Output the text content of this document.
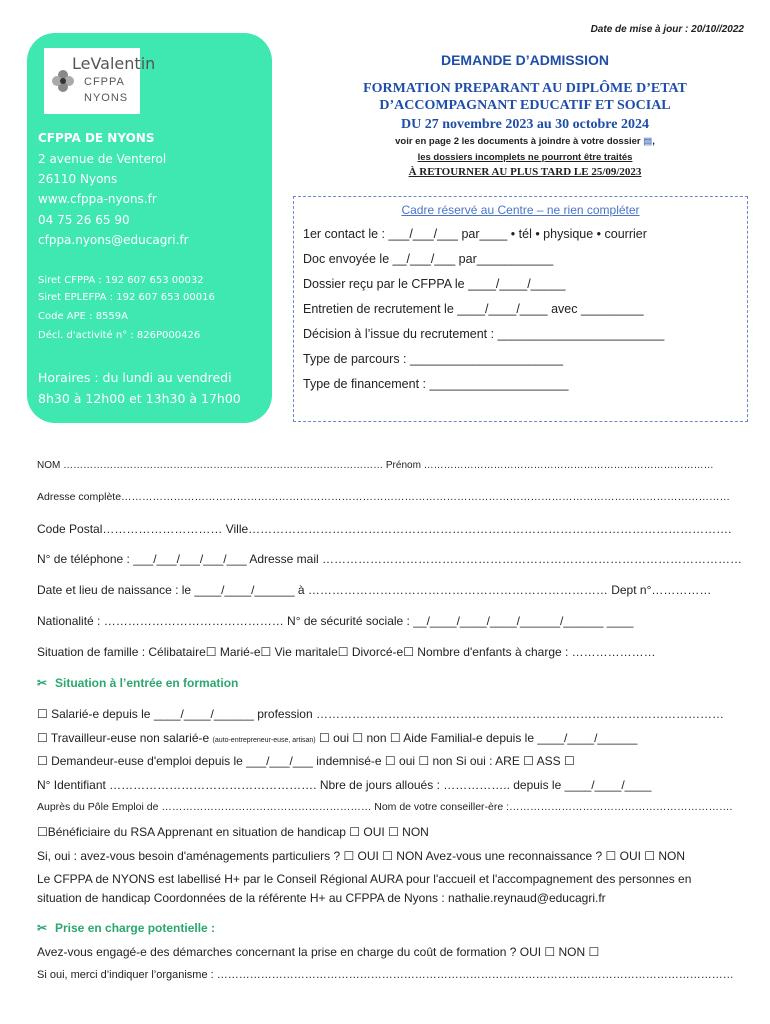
Date de mise à jour : 20/10//2022
LeValentin
CFPPA
NYONS
CFPPA DE NYONS
2 avenue de Venterol
26110 Nyons
www.cfppa-nyons.fr
04 75 26 65 90
cfppa.nyons@educagri.fr
Siret CFPPA : 192 607 653 00032
Siret EPLEFPA : 192 607 653 00016
Code APE : 8559A
Décl. d'activité n° : 826P000426
Horaires : du lundi au vendredi
8h30 à 12h00 et 13h30 à 17h00
DEMANDE D’ADMISSION
FORMATION PREPARANT AU DIPLÔME D’ETAT
D’ACCOMPAGNANT EDUCATIF ET SOCIAL
DU 27 novembre 2023 au 30 octobre 2024
voir en page 2 les documents à joindre à votre dossier ▤,
les dossiers incomplets ne pourront être traités
À RETOURNER AU PLUS TARD LE 25/09/2023
Cadre réservé au Centre – ne rien compléter
1er contact le : ___/___/___ par____ • tél • physique • courrier
Doc envoyée le __/___/___ par___________
Dossier reçu par le CFPPA le ____/____/_____
Entretien de recrutement le ____/____/____ avec _________
Décision à l’issue du recrutement : ________________________
Type de parcours : ______________________
Type de financement : ____________________
NOM …………………………………………………………………………………… Prénom ……………………………………………………………………………
Adresse complète…………………………………………………………………………………………………………………………………………………………
Code Postal………………………… Ville………………………………………………………………………………………………………….
N° de téléphone : ___/___/___/___/___ Adresse mail ……………………………………………………………………………………………
Date et lieu de naissance : le ____/____/______ à ………………………………………………………………… Dept n°……………
Nationalité : ……………………………………… N° de sécurité sociale : __/____/____/____/______/______ ____
Situation de famille : Célibataire☐ Marié-e☐ Vie maritale☐ Divorcé-e☐ Nombre d'enfants à charge : …………………
✂ Situation à l’entrée en formation
☐ Salarié-e depuis le ____/____/______ profession …………………………………………………………………………………………
☐ Travailleur-euse non salarié-e (auto-entrepreneur-euse, artisan) ☐ oui ☐ non ☐ Aide Familial-e depuis le ____/____/______
☐ Demandeur-euse d'emploi depuis le ___/___/___ indemnisé-e ☐ oui ☐ non Si oui : ARE ☐ ASS ☐
N° Identifiant ……………………………………………. Nbre de jours alloués : …………….. depuis le ____/____/____
Auprès du Pôle Emploi de …………………………………………………… Nom de votre conseiller-ère :……………………………………………………….
☐Bénéficiaire du RSA Apprenant en situation de handicap ☐ OUI ☐ NON
Si, oui : avez-vous besoin d'aménagements particuliers ? ☐ OUI ☐ NON Avez-vous une reconnaissance ? ☐ OUI ☐ NON
Le CFPPA de NYONS est labellisé H+ par le Conseil Régional AURA pour l'accueil et l'accompagnement des personnes en
situation de handicap Coordonnées de la référente H+ au CFPPA de Nyons : nathalie.reynaud@educagri.fr
✂ Prise en charge potentielle :
Avez-vous engagé-e des démarches concernant la prise en charge du coût de formation ? OUI ☐ NON ☐
Si oui, merci d’indiquer l’organisme : ……………………………………………………………………………………………………………………………
